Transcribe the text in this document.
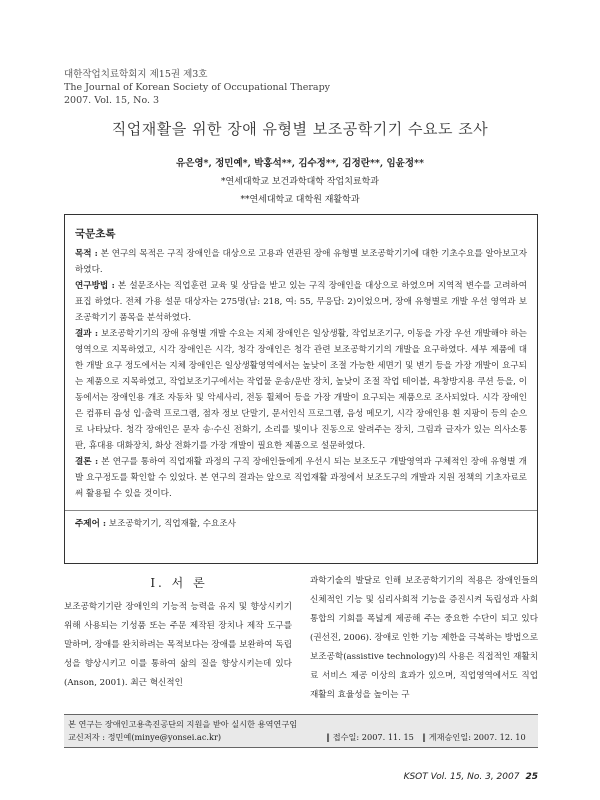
대한작업치료학회지 제15권 제3호
The Journal of Korean Society of Occupational Therapy
2007. Vol. 15, No. 3
직업재활을 위한 장애 유형별 보조공학기기 수요도 조사
유은영*, 정민예*, 박홍석**, 김수정**, 김정란**, 임윤정**
*연세대학교 보건과학대학 작업치료학과
**연세대학교 대학원 재활학과
국문초록

목적 : 본 연구의 목적은 구직 장애인을 대상으로 고용과 연관된 장애 유형별 보조공학기기에 대한 기초수요를 알아보고자 하였다.

연구방법 : 본 설문조사는 직업훈련 교육 및 상담을 받고 있는 구직 장애인을 대상으로 하였으며 지역적 변수를 고려하여 표집 하였다. 전체 가용 설문 대상자는 275명(남: 218, 여: 55, 무응답: 2)이었으며, 장애 유형별로 개발 우선 영역과 보조공학기기 품목을 분석하였다.

결과 : 보조공학기기의 장애 유형별 개발 수요는 지체 장애인은 일상생활, 작업보조기구, 이동을 가장 우선 개발해야 하는 영역으로 지목하였고, 시각 장애인은 시각, 청각 장애인은 청각 관련 보조공학기기의 개발을 요구하였다. 세부 제품에 대한 개발 요구 정도에서는 지체 장애인은 일상생활영역에서는 높낮이 조절 가능한 세면기 및 변기 등을 가장 개발이 요구되는 제품으로 지목하였고, 작업보조기구에서는 작업물 운송/운반 장치, 높낮이 조절 작업 테이블, 욕창방지용 쿠션 등을, 이동에서는 장애인용 개조 자동차 및 악세사리, 전동 휠체어 등을 가장 개발이 요구되는 제품으로 조사되었다. 시각 장애인은 컴퓨터 음성 입·출력 프로그램, 점자 정보 단말기, 문서인식 프로그램, 음성 메모기, 시각 장애인용 흰 지팡이 등의 순으로 나타났다. 청각 장애인은 문자 송·수신 전화기, 소리를 빛이나 진동으로 알려주는 장치, 그림과 글자가 있는 의사소통 판, 휴대용 대화장치, 화상 전화기를 가장 개발이 필요한 제품으로 설문하였다.

결론 : 본 연구를 통하여 직업재활 과정의 구직 장애인들에게 우선시 되는 보조도구 개발영역과 구체적인 장애 유형별 개발 요구정도를 확인할 수 있었다. 본 연구의 결과는 앞으로 직업재활 과정에서 보조도구의 개발과 지원 정책의 기초자료로써 활용될 수 있을 것이다.

주제어 : 보조공학기기, 직업재활, 수요조사
Ⅰ. 서 론
보조공학기기란 장애인의 기능적 능력을 유지 및 향상시키기 위해 사용되는 기성품 또는 주문 제작된 장치나 제작 도구를 말하며, 장애를 완치하려는 목적보다는 장애를 보완하여 독립성을 향상시키고 이를 통하여 삶의 질을 향상시키는데 있다(Anson, 2001). 최근 혁신적인
과학기술의 발달로 인해 보조공학기기의 적용은 장애인들의 신체적인 기능 및 심리사회적 기능을 증진시켜 독립성과 사회통합의 기회를 폭넓게 제공해 주는 중요한 수단이 되고 있다(권선진, 2006). 장애로 인한 기능 제한을 극복하는 방법으로 보조공학(assistive technology)의 사용은 직접적인 재활치료 서비스 제공 이상의 효과가 있으며, 직업영역에서도 직업재활의 효율성을 높이는 구
본 연구는 장애인고용촉진공단의 지원을 받아 실시한 용역연구임
교신저자 : 정민예(minye@yonsei.ac.kr)	‖ 접수일: 2007. 11. 15 ‖ 게재승인일: 2007. 12. 10
KSOT Vol. 15, No. 3, 2007 25
